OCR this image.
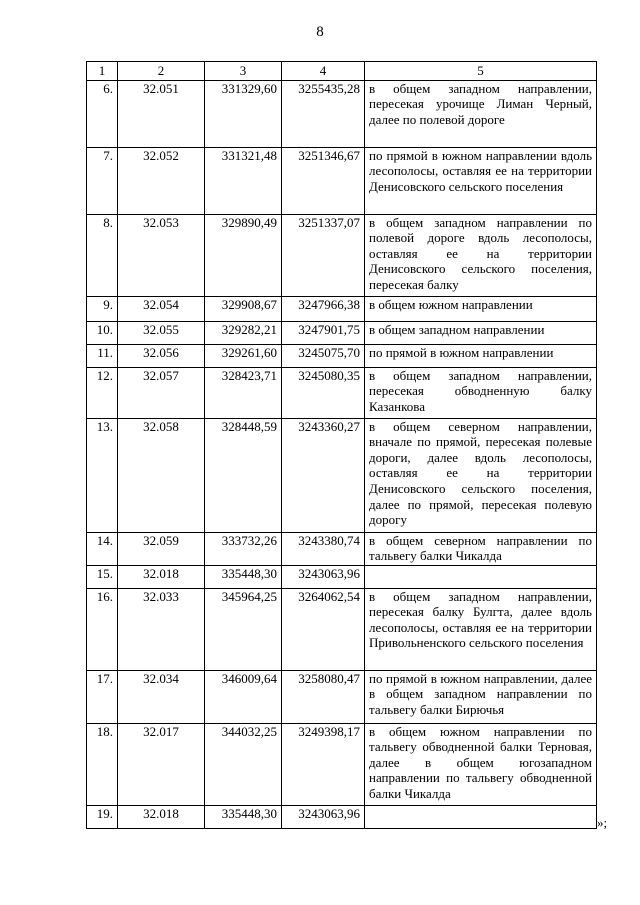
8
1	2	3	4	5
6.	32.051	331329,60	3255435,28	в общем западном направлении, пересекая урочище Лиман Черный, далее по полевой дороге
7.	32.052	331321,48	3251346,67	по прямой в южном направлении вдоль лесополосы, оставляя ее на территории Денисовского сельского поселения
8.	32.053	329890,49	3251337,07	в общем западном направлении по полевой дороге вдоль лесополосы, оставляя ее на территории Денисовского сельского поселения, пересекая балку
9.	32.054	329908,67	3247966,38	в общем южном направлении
10.	32.055	329282,21	3247901,75	в общем западном направлении
11.	32.056	329261,60	3245075,70	по прямой в южном направлении
12.	32.057	328423,71	3245080,35	в общем западном направлении, пересекая обводненную балку Казанкова
13.	32.058	328448,59	3243360,27	в общем северном направлении, вначале по прямой, пересекая полевые дороги, далее вдоль лесополосы, оставляя ее на территории Денисовского сельского поселения, далее по прямой, пересекая полевую дорогу
14.	32.059	333732,26	3243380,74	в общем северном направлении по тальвегу балки Чикалда
15.	32.018	335448,30	3243063,96	
16.	32.033	345964,25	3264062,54	в общем западном направлении, пересекая балку Булгта, далее вдоль лесополосы, оставляя ее на территории Привольненского сельского поселения
17.	32.034	346009,64	3258080,47	по прямой в южном направлении, далее в общем западном направлении по тальвегу балки Бирючья
18.	32.017	344032,25	3249398,17	в общем южном направлении по тальвегу обводненной балки Терновая, далее в общем югозападном направлении по тальвегу обводненной балки Чикалда
19.	32.018	335448,30	3243063,96	
»;
